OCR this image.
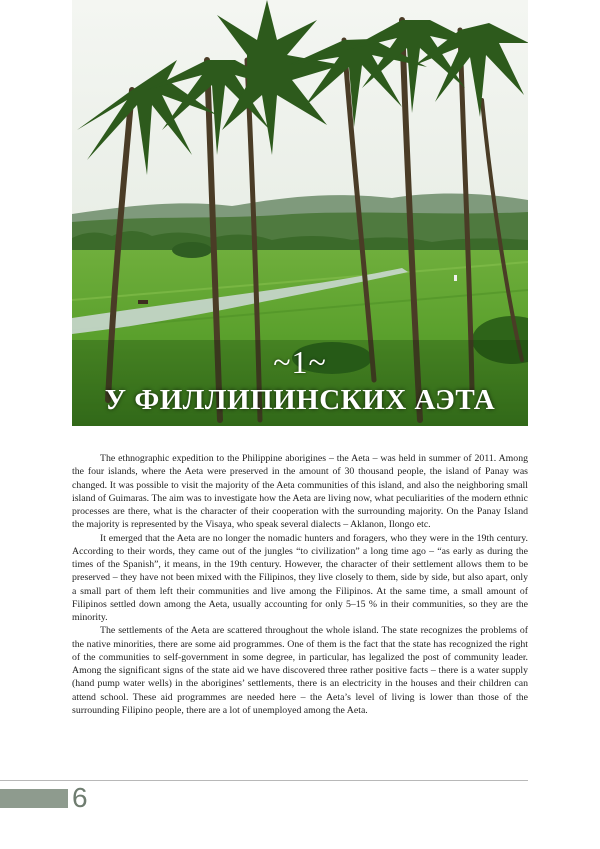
~1~
У ФИЛЛИПИНСКИХ АЭТА

The ethnographic expedition to the Philippine aborigines – the Aeta – was held in summer of 2011. Among the four islands, where the Aeta were preserved in the amount of 30 thousand people, the island of Panay was changed. It was possible to visit the majority of the Aeta communities of this island, and also the neighboring small island of Guimaras. The aim was to investigate how the Aeta are living now, what peculiarities of the modern ethnic processes are there, what is the character of their cooperation with the surrounding majority. On the Panay Island the majority is represented by the Visaya, who speak several dialects – Aklanon, Ilongo etc.

It emerged that the Aeta are no longer the nomadic hunters and foragers, who they were in the 19th century. According to their words, they came out of the jungles “to civilization” a long time ago – “as early as during the times of the Spanish”, it means, in the 19th century. However, the character of their settlement allows them to be preserved – they have not been mixed with the Filipinos, they live closely to them, side by side, but also apart, only a small part of them left their communities and live among the Filipinos. At the same time, a small amount of Filipinos settled down among the Aeta, usually accounting for only 5–15 % in their communities, so they are the minority.

The settlements of the Aeta are scattered throughout the whole island. The state recognizes the problems of the native minorities, there are some aid programmes. One of them is the fact that the state has recognized the right of the communities to self-government in some degree, in particular, has legalized the post of community leader. Among the significant signs of the state aid we have discovered three rather positive facts – there is a water supply (hand pump water wells) in the aborigines’ settlements, there is an electricity in the houses and their children can attend school. These aid programmes are needed here – the Aeta’s level of living is lower than those of the surrounding Filipino people, there are a lot of unemployed among the Aeta.

6
